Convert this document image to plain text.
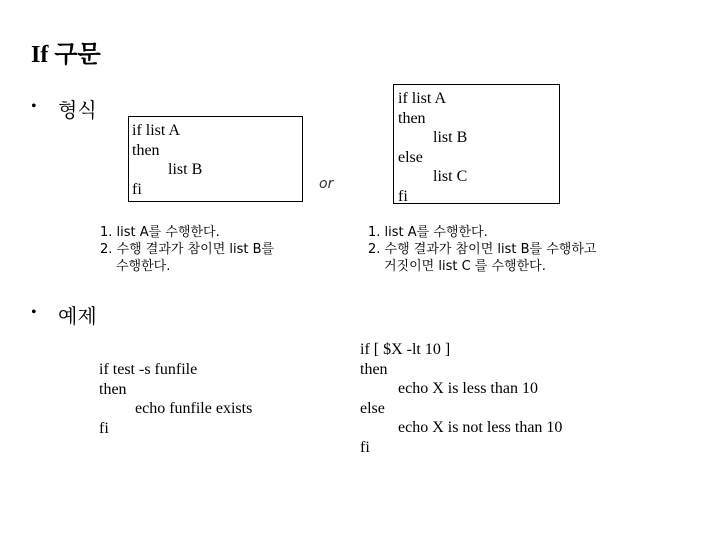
If 구문
• 형식
if list A
then
list B
fi	or
if list A
then
list B
else
list C
fi
1. list A를 수행한다.
2. 수행 결과가 참이면 list B를
수행한다.
1. list A를 수행한다.
2. 수행 결과가 참이면 list B를 수행하고
거짓이면 list C 를 수행한다.
• 예제
if test -s funfile
then
echo funfile exists
fi
if [ $X -lt 10 ]
then
echo X is less than 10
else
echo X is not less than 10
fi
